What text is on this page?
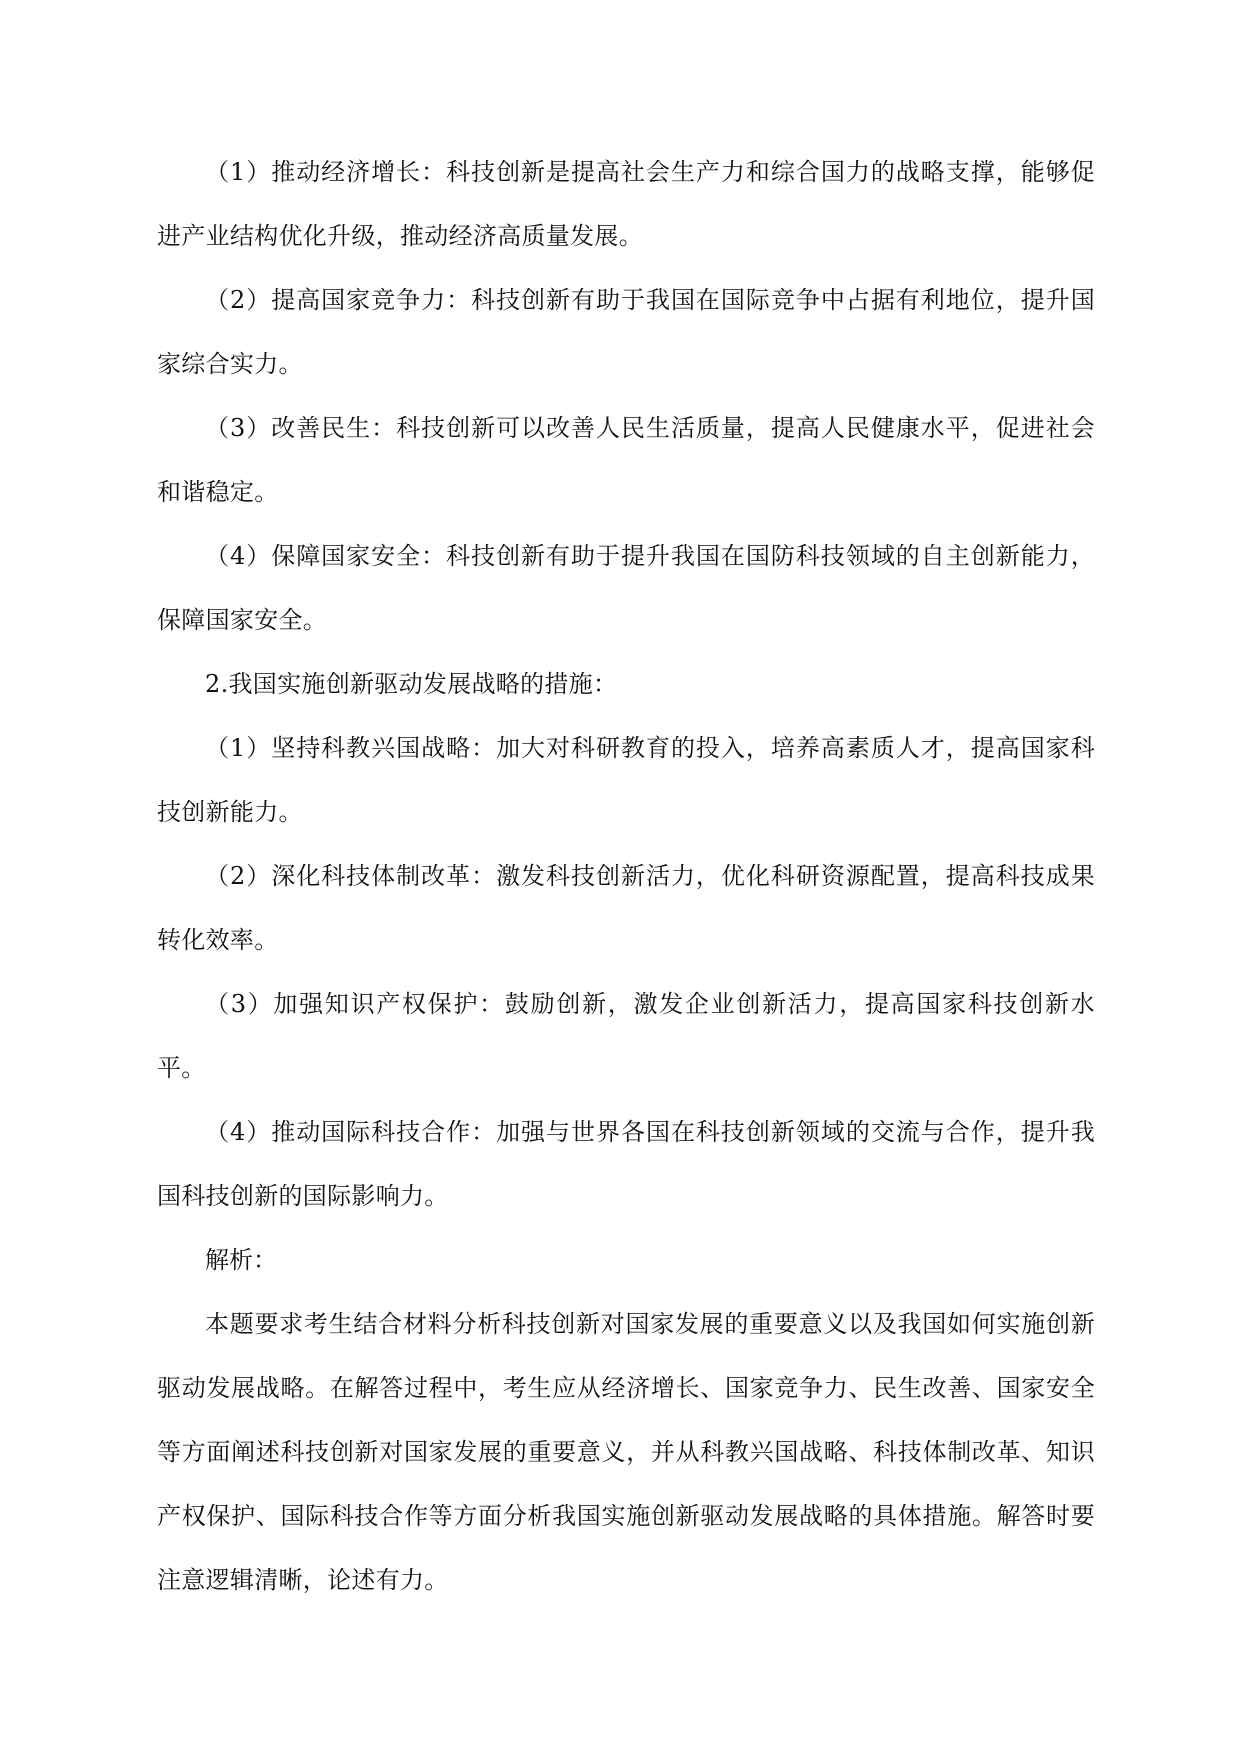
（1）推动经济增长：科技创新是提高社会生产力和综合国力的战略支撑，能够促进产业结构优化升级，推动经济高质量发展。

（2）提高国家竞争力：科技创新有助于我国在国际竞争中占据有利地位，提升国家综合实力。

（3）改善民生：科技创新可以改善人民生活质量，提高人民健康水平，促进社会和谐稳定。

（4）保障国家安全：科技创新有助于提升我国在国防科技领域的自主创新能力，保障国家安全。

2.我国实施创新驱动发展战略的措施：

（1）坚持科教兴国战略：加大对科研教育的投入，培养高素质人才，提高国家科技创新能力。

（2）深化科技体制改革：激发科技创新活力，优化科研资源配置，提高科技成果转化效率。

（3）加强知识产权保护：鼓励创新，激发企业创新活力，提高国家科技创新水平。

（4）推动国际科技合作：加强与世界各国在科技创新领域的交流与合作，提升我国科技创新的国际影响力。

解析：

本题要求考生结合材料分析科技创新对国家发展的重要意义以及我国如何实施创新驱动发展战略。在解答过程中，考生应从经济增长、国家竞争力、民生改善、国家安全等方面阐述科技创新对国家发展的重要意义，并从科教兴国战略、科技体制改革、知识产权保护、国际科技合作等方面分析我国实施创新驱动发展战略的具体措施。解答时要注意逻辑清晰，论述有力。
